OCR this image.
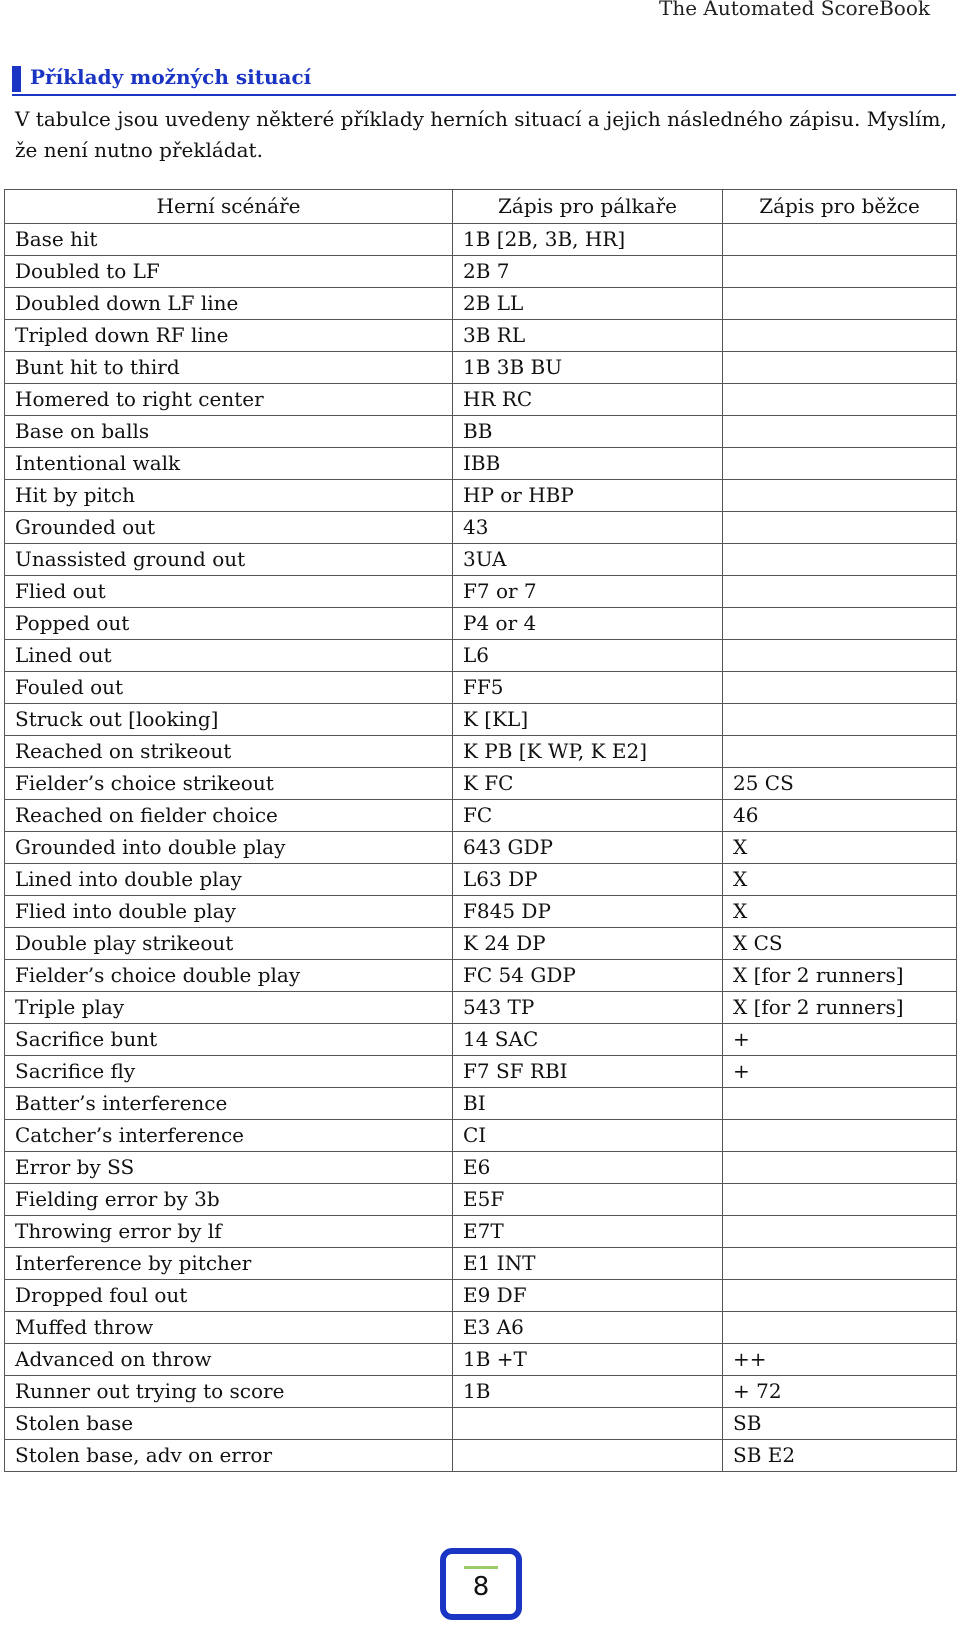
The Automated ScoreBook
Příklady možných situací
V tabulce jsou uvedeny některé příklady herních situací a jejich následného zápisu. Myslím, že není nutno překládat.
Herní scénáře	Zápis pro pálkaře	Zápis pro běžce
Base hit	1B [2B, 3B, HR]	
Doubled to LF	2B 7	
Doubled down LF line	2B LL	
Tripled down RF line	3B RL	
Bunt hit to third	1B 3B BU	
Homered to right center	HR RC	
Base on balls	BB	
Intentional walk	IBB	
Hit by pitch	HP or HBP	
Grounded out	43	
Unassisted ground out	3UA	
Flied out	F7 or 7	
Popped out	P4 or 4	
Lined out	L6	
Fouled out	FF5	
Struck out [looking]	K [KL]	
Reached on strikeout	K PB [K WP, K E2]	
Fielder’s choice strikeout	K FC	25 CS
Reached on fielder choice	FC	46
Grounded into double play	643 GDP	X
Lined into double play	L63 DP	X
Flied into double play	F845 DP	X
Double play strikeout	K 24 DP	X CS
Fielder’s choice double play	FC 54 GDP	X [for 2 runners]
Triple play	543 TP	X [for 2 runners]
Sacrifice bunt	14 SAC	+
Sacrifice fly	F7 SF RBI	+
Batter’s interference	BI	
Catcher’s interference	CI	
Error by SS	E6	
Fielding error by 3b	E5F	
Throwing error by lf	E7T	
Interference by pitcher	E1 INT	
Dropped foul out	E9 DF	
Muffed throw	E3 A6	
Advanced on throw	1B +T	++
Runner out trying to score	1B	+ 72
Stolen base		SB
Stolen base, adv on error		SB E2
8
